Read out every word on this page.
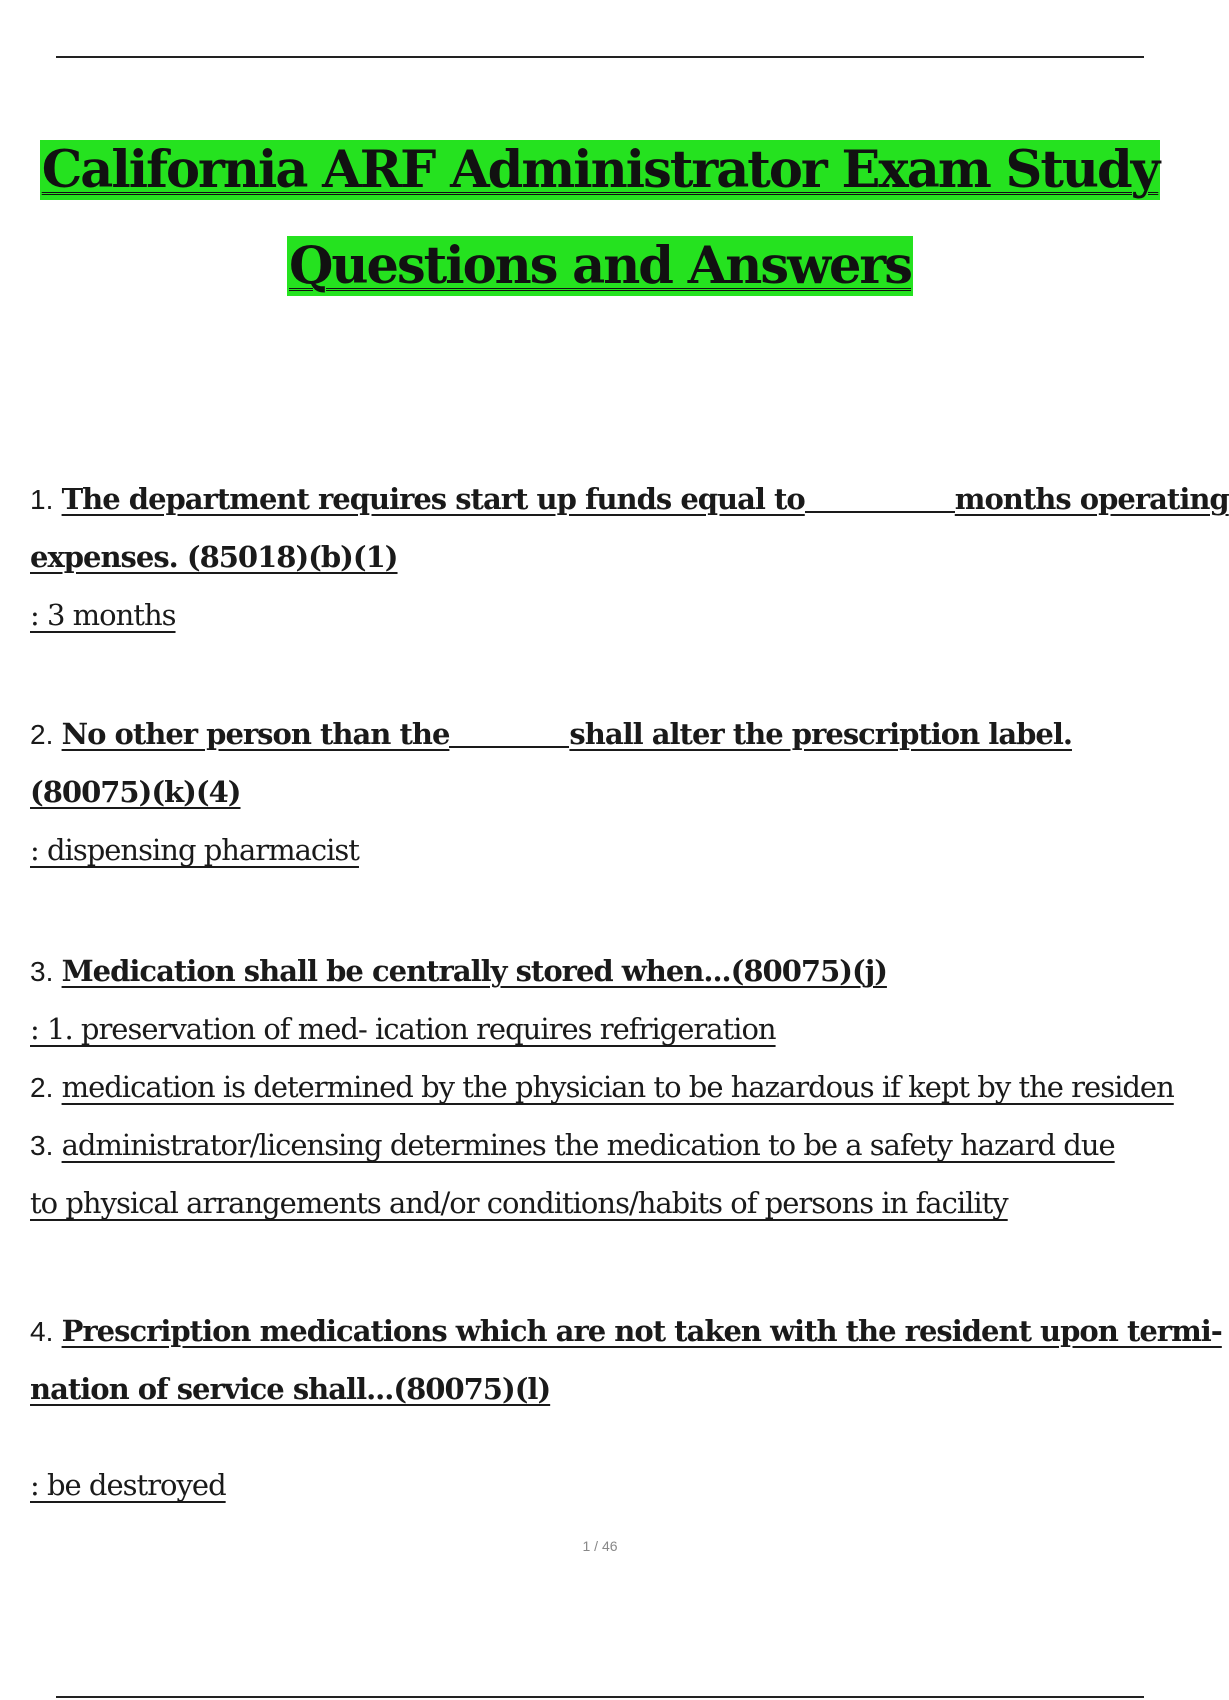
California ARF Administrator Exam Study
Questions and Answers
1. The department requires start up funds equal to	months operating
expenses. (85018)(b)(1)
: 3 months
2. No other person than the	shall alter the prescription label.
(80075)(k)(4)
: dispensing pharmacist
3. Medication shall be centrally stored when...(80075)(j)
: 1. preservation of med- ication requires refrigeration
2. medication is determined by the physician to be hazardous if kept by the residen
3. administrator/licensing determines the medication to be a safety hazard due
to physical arrangements and/or conditions/habits of persons in facility
4. Prescription medications which are not taken with the resident upon termi-
nation of service shall...(80075)(l)
: be destroyed
1 / 46
